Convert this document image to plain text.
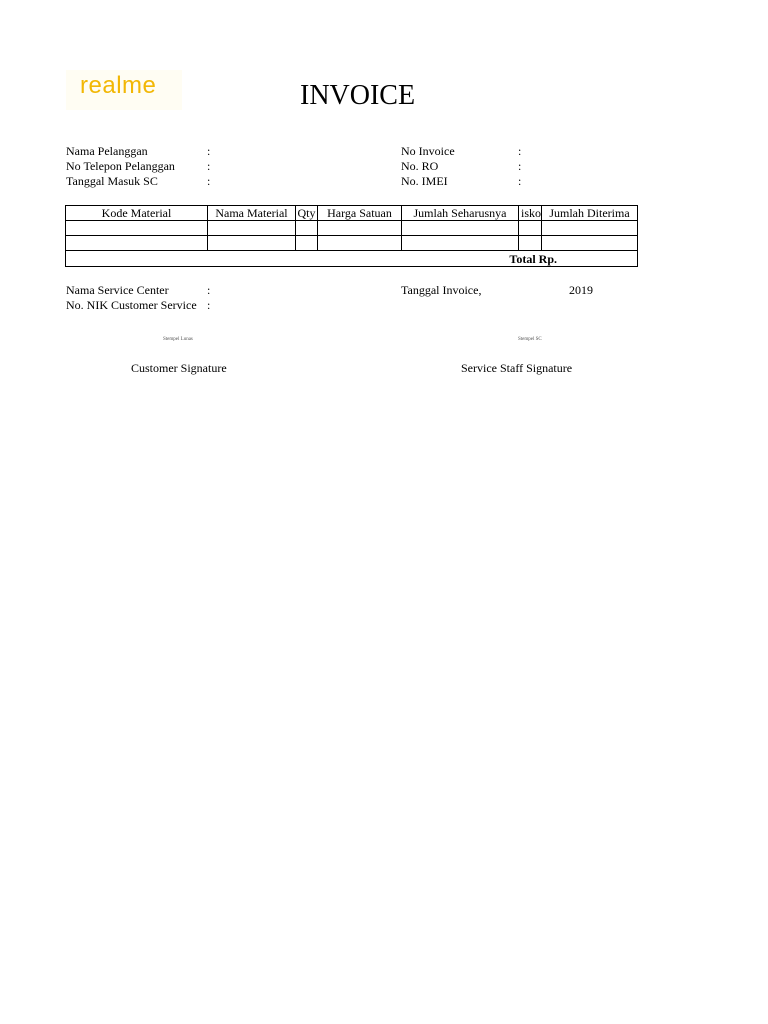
realme	INVOICE
Nama Pelanggan	:
No Telepon Pelanggan	:
Tanggal Masuk SC	:
No Invoice	:
No. RO	:
No. IMEI	:
Kode Material	Nama Material	Qty	Harga Satuan	Jumlah Seharusnya	isko	Jumlah Diterima

Total Rp.						
Nama Service Center	:
No. NIK Customer Service :
Tanggal Invoice,	2019
Stempel Lunas	Stempel SC
Customer Signature	Service Staff Signature
